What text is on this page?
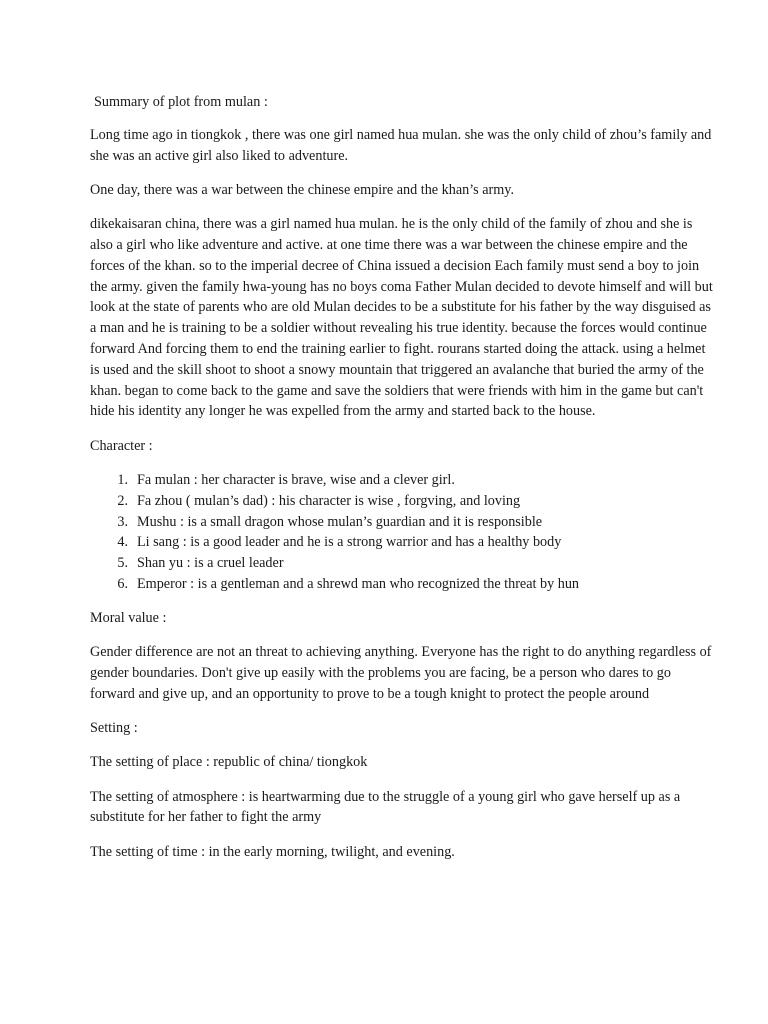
Summary of plot from mulan :

Long time ago in tiongkok , there was one girl named hua mulan. she was the only child of zhou’s family and she was an active girl also liked to adventure.

One day, there was a war between the chinese empire and the khan’s army.

dikekaisaran china, there was a girl named hua mulan. he is the only child of the family of zhou and she is also a girl who like adventure and active. at one time there was a war between the chinese empire and the forces of the khan. so to the imperial decree of China issued a decision Each family must send a boy to join the army. given the family hwa-young has no boys coma Father Mulan decided to devote himself and will but look at the state of parents who are old Mulan decides to be a substitute for his father by the way disguised as a man and he is training to be a soldier without revealing his true identity. because the forces would continue forward And forcing them to end the training earlier to fight. rourans started doing the attack. using a helmet is used and the skill shoot to shoot a snowy mountain that triggered an avalanche that buried the army of the khan. began to come back to the game and save the soldiers that were friends with him in the game but can't hide his identity any longer he was expelled from the army and started back to the house.

Character :

1. Fa mulan : her character is brave, wise and a clever girl.
2. Fa zhou ( mulan’s dad) : his character is wise , forgving, and loving
3. Mushu : is a small dragon whose mulan’s guardian and it is responsible
4. Li sang : is a good leader and he is a strong warrior and has a healthy body
5. Shan yu : is a cruel leader
6. Emperor : is a gentleman and a shrewd man who recognized the threat by hun

Moral value :

Gender difference are not an threat to achieving anything. Everyone has the right to do anything regardless of gender boundaries. Don't give up easily with the problems you are facing, be a person who dares to go forward and give up, and an opportunity to prove to be a tough knight to protect the people around

Setting :

The setting of place : republic of china/ tiongkok

The setting of atmosphere : is heartwarming due to the struggle of a young girl who gave herself up as a substitute for her father to fight the army

The setting of time : in the early morning, twilight, and evening.
